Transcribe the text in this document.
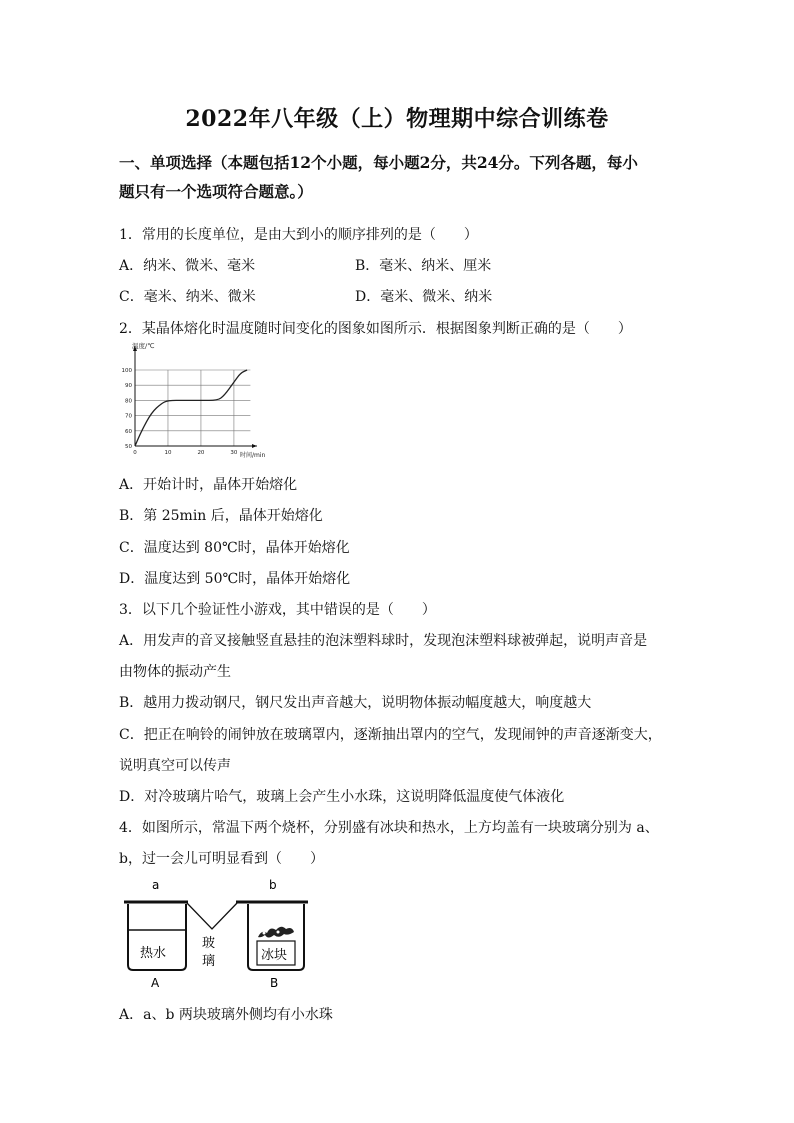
2022年八年级（上）物理期中综合训练卷
一、单项选择（本题包括12个小题，每小题2分，共24分。下列各题，每小
题只有一个选项符合题意。）
1．常用的长度单位，是由大到小的顺序排列的是（　　）
A．纳米、微米、毫米	B．毫米、纳米、厘米
C．毫米、纳米、微米	D．毫米、微米、纳米
2．某晶体熔化时温度随时间变化的图象如图所示．根据图象判断正确的是（　　）
50
60
70
80
90
100
0	10	20	30
温度/℃
时间/min
A．开始计时，晶体开始熔化
B．第 25min 后，晶体开始熔化
C．温度达到 80℃时，晶体开始熔化
D．温度达到 50℃时，晶体开始熔化
3．以下几个验证性小游戏，其中错误的是（　　）
A．用发声的音叉接触竖直悬挂的泡沫塑料球时，发现泡沫塑料球被弹起，说明声音是
由物体的振动产生
B．越用力拨动钢尺，钢尺发出声音越大，说明物体振动幅度越大，响度越大
C．把正在响铃的闹钟放在玻璃罩内，逐渐抽出罩内的空气，发现闹钟的声音逐渐变大，
说明真空可以传声
D．对冷玻璃片哈气，玻璃上会产生小水珠，这说明降低温度使气体液化
4．如图所示，常温下两个烧杯，分别盛有冰块和热水，上方均盖有一块玻璃分别为 a、
b，过一会儿可明显看到（　　）
a	b
热水
玻
璃	冰块
A	B
A．a、b 两块玻璃外侧均有小水珠
